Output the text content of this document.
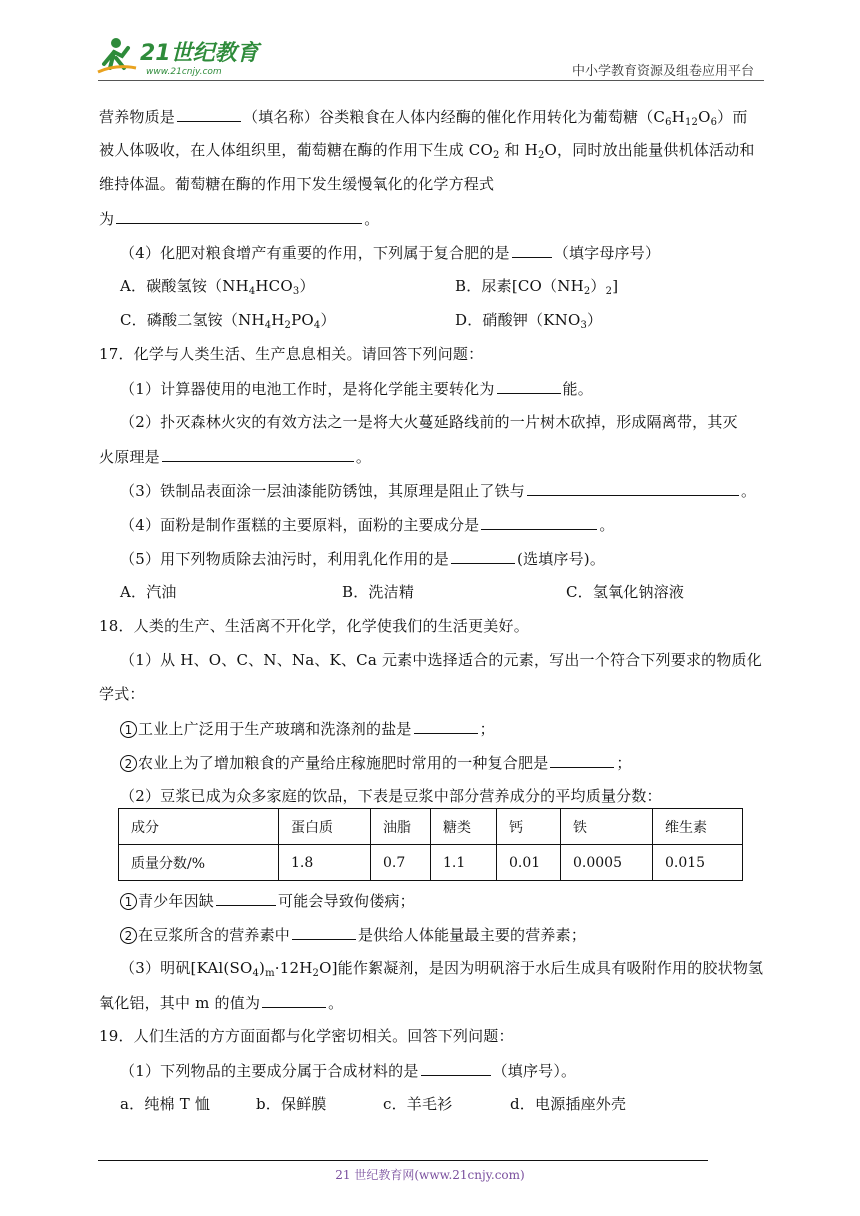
21世纪教育
www.21cnjy.com	中小学教育资源及组卷应用平台
营养物质是	（填名称）谷类粮食在人体内经酶的催化作用转化为葡萄糖$(C_6H_{12}O_6)$而
被人体吸收，在人体组织里，葡萄糖在酶的作用下生成 $CO_2$ 和 $H_2O$，同时放出能量供机体活动和
维持体温。葡萄糖在酶的作用下发生缓慢氧化的化学方程式
为	。
（4）化肥对粮食增产有重要的作用，下列属于复合肥的是	（填字母序号）
A．碳酸氢铵$(NH_4HCO_3)$	B．尿素$[CO(NH_2)_2]$
C．磷酸二氢铵$(NH_4H_2PO_4)$	D．硝酸钾$(KNO_3)$
17．化学与人类生活、生产息息相关。请回答下列问题：
（1）计算器使用的电池工作时，是将化学能主要转化为	能。
（2）扑灭森林火灾的有效方法之一是将大火蔓延路线前的一片树木砍掉，形成隔离带，其灭
火原理是	。
（3）铁制品表面涂一层油漆能防锈蚀，其原理是阻止了铁与	。
（4）面粉是制作蛋糕的主要原料，面粉的主要成分是	。
（5）用下列物质除去油污时，利用乳化作用的是	(选填序号)。
A．汽油	B．洗洁精	C．氢氧化钠溶液
18．人类的生产、生活离不开化学，化学使我们的生活更美好。
（1）从 H、O、C、N、Na、K、Ca 元素中选择适合的元素，写出一个符合下列要求的物质化
学式：
1 工业上广泛用于生产玻璃和洗涤剂的盐是	；
2 农业上为了增加粮食的产量给庄稼施肥时常用的一种复合肥是	；
（2）豆浆已成为众多家庭的饮品，下表是豆浆中部分营养成分的平均质量分数：
成分	蛋白质	油脂	糖类	钙	铁	维生素
质量分数/%	1.8	0.7	1.1	0.01	0.0005	0.015
1 青少年因缺	可能会导致佝偻病；
2 在豆浆所含的营养素中	是供给人体能量最主要的营养素；
（3）明矾$[KAl(SO_4)_m\cdot 12H_2O]$能作絮凝剂，是因为明矾溶于水后生成具有吸附作用的胶状物氢
氧化铝，其中 m 的值为	。
19．人们生活的方方面面都与化学密切相关。回答下列问题：
（1）下列物品的主要成分属于合成材料的是	（填序号）。
a．纯棉 T 恤	b．保鲜膜	c．羊毛衫	d．电源插座外壳
21 世纪教育网(www.21cnjy.com)
